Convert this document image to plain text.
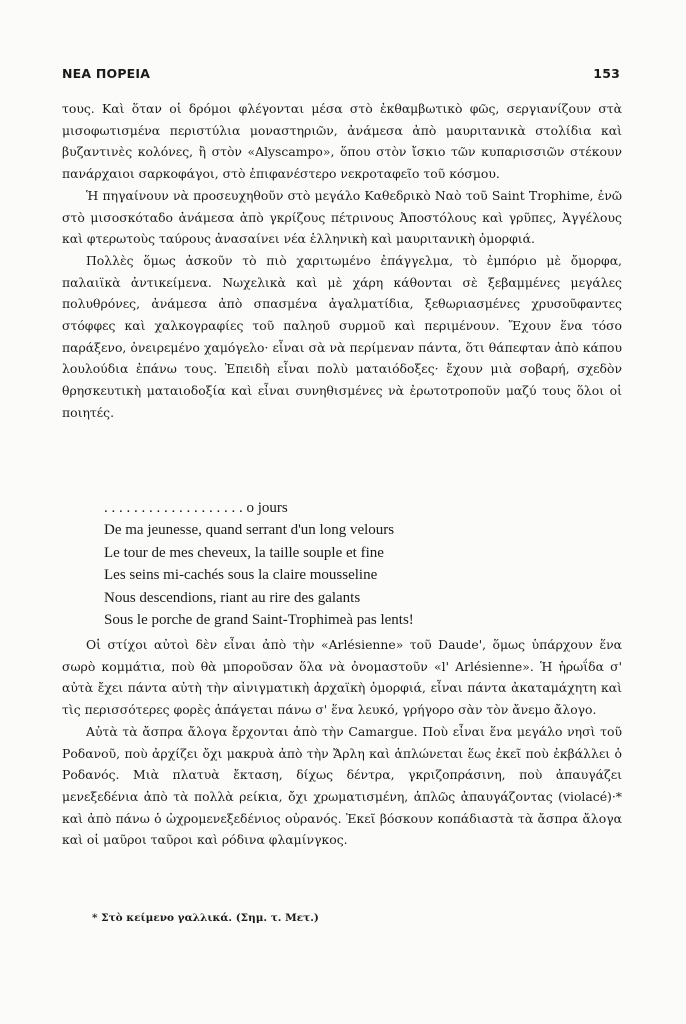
ΝΕΑ ΠΟΡΕΙΑ	153

τους. Καὶ ὅταν οἱ δρόμοι φλέγονται μέσα στὸ ἐκθαμβωτικὸ φῶς, σεργιανίζουν στὰ μισοφωτισμένα περιστύλια μοναστηριῶν, ἀνάμεσα ἀπὸ μαυριτανικὰ στολίδια καὶ βυζαντινὲς κολόνες, ἢ στὸν «Alyscampo», ὅπου στὸν ἴσκιο τῶν κυπαρισσιῶν στέκουν πανάρχαιοι σαρκοφάγοι, στὸ ἐπιφανέστερο νεκροταφεῖο τοῦ κόσμου.

Ἡ πηγαίνουν νὰ προσευχηθοῦν στὸ μεγάλο Καθεδρικὸ Ναὸ τοῦ Saint Trophime, ἐνῶ στὸ μισοσκόταδο ἀνάμεσα ἀπὸ γκρίζους πέτρινους Ἀποστόλους καὶ γρῦπες, Ἀγγέλους καὶ φτερωτοὺς ταύρους ἀνασαίνει νέα ἑλληνικὴ καὶ μαυριτανικὴ ὀμορφιά.

Πολλὲς ὅμως ἀσκοῦν τὸ πιὸ χαριτωμένο ἐπάγγελμα, τὸ ἐμπόριο μὲ ὄμορφα, παλαιϊκὰ ἀντικείμενα. Νωχελικὰ καὶ μὲ χάρη κάθονται σὲ ξεβαμμένες μεγάλες πολυθρόνες, ἀνάμεσα ἀπὸ σπασμένα ἀγαλματίδια, ξεθωριασμένες χρυσοῦφαντες στόφφες καὶ χαλκογραφίες τοῦ παληοῦ συρμοῦ καὶ περιμένουν. Ἔχουν ἕνα τόσο παράξενο, ὀνειρεμένο χαμόγελο· εἶναι σὰ νὰ περίμεναν πάντα, ὅτι θάπεφταν ἀπὸ κάπου λουλούδια ἐπάνω τους. Ἐπειδὴ εἶναι πολὺ ματαιόδοξες· ἔχουν μιὰ σοβαρή, σχεδὸν θρησκευτικὴ ματαιοδοξία καὶ εἶναι συνηθισμένες νὰ ἐρωτοτροποῦν μαζύ τους ὅλοι οἱ ποιητές.

. . . . . . . . . . . . . . . . . . . o jours
De ma jeunesse, quand serrant d'un long velours
Le tour de mes cheveux, la taille souple et fine
Les seins mi-cachés sous la claire mousseline
Nous descendions, riant au rire des galants
Sous le porche de grand Saint-Trophimeà pas lents!

Οἱ στίχοι αὐτοὶ δὲν εἶναι ἀπὸ τὴν «Arlésienne» τοῦ Daude', ὅμως ὑπάρχουν ἕνα σωρὸ κομμάτια, ποὺ θὰ μποροῦσαν ὅλα νὰ ὀνομαστοῦν «l' Arlésienne». Ἡ ἡρωΐδα σ' αὐτὰ ἔχει πάντα αὐτὴ τὴν αἰνιγματικὴ ἀρχαϊκὴ ὀμορφιά, εἶναι πάντα ἀκαταμάχητη καὶ τὶς περισσότερες φορὲς ἁπάγεται πάνω σ' ἕνα λευκό, γρήγορο σὰν τὸν ἄνεμο ἄλογο.

Αὐτὰ τὰ ἄσπρα ἄλογα ἔρχονται ἀπὸ τὴν Camargue. Ποὺ εἶναι ἕνα μεγάλο νησὶ τοῦ Ροδανοῦ, ποὺ ἀρχίζει ὄχι μακρυὰ ἀπὸ τὴν Ἄρλη καὶ ἁπλώνεται ἕως ἐκεῖ ποὺ ἐκβάλλει ὁ Ροδανός. Μιὰ πλατυὰ ἔκταση, δίχως δέντρα, γκριζοπράσινη, ποὺ ἀπαυγάζει μενεξεδένια ἀπὸ τὰ πολλὰ ρείκια, ὄχι χρωματισμένη, ἁπλῶς ἀπαυγάζοντας (violacé)·* καὶ ἀπὸ πάνω ὁ ὠχρομενεξεδένιος οὐρανός. Ἐκεῖ βόσκουν κοπάδιαστὰ τὰ ἄσπρα ἄλογα καὶ οἱ μαῦροι ταῦροι καὶ ρόδινα φλαμίνγκος.

* Στὸ κείμενο γαλλικά. (Σημ. τ. Μετ.)
